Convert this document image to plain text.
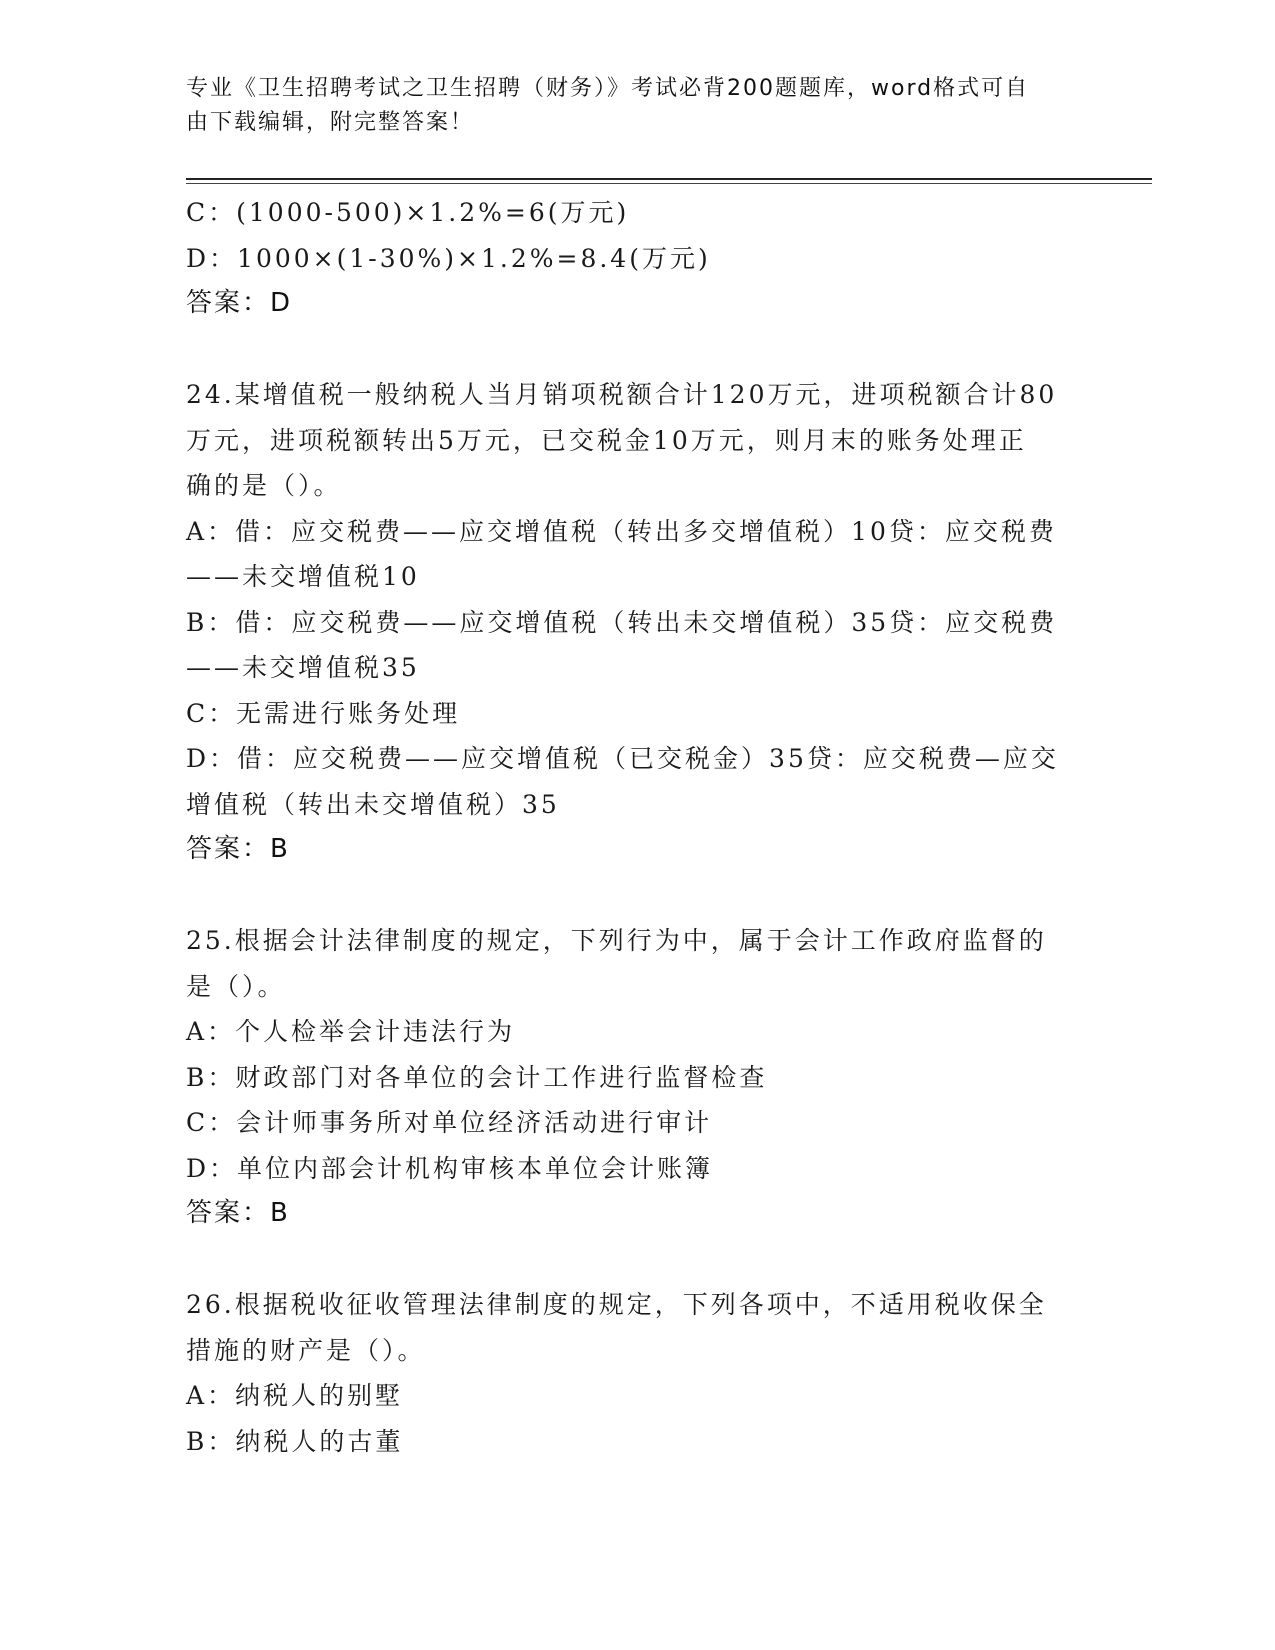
专业《卫生招聘考试之卫生招聘（财务）》考试必背200题题库，word格式可自
由下载编辑，附完整答案！
C：(1000-500)×1.2%=6(万元)
D：1000×(1-30%)×1.2%=8.4(万元)
答案：D
24.某增值税一般纳税人当月销项税额合计120万元，进项税额合计80
万元，进项税额转出5万元，已交税金10万元，则月末的账务处理正
确的是（）。
A：借：应交税费——应交增值税（转出多交增值税）10贷：应交税费
——未交增值税10
B：借：应交税费——应交增值税（转出未交增值税）35贷：应交税费
——未交增值税35
C：无需进行账务处理
D：借：应交税费——应交增值税（已交税金）35贷：应交税费—应交
增值税（转出未交增值税）35
答案：B
25.根据会计法律制度的规定，下列行为中，属于会计工作政府监督的
是（）。
A：个人检举会计违法行为
B：财政部门对各单位的会计工作进行监督检查
C：会计师事务所对单位经济活动进行审计
D：单位内部会计机构审核本单位会计账簿
答案：B
26.根据税收征收管理法律制度的规定，下列各项中，不适用税收保全
措施的财产是（）。
A：纳税人的别墅
B：纳税人的古董
